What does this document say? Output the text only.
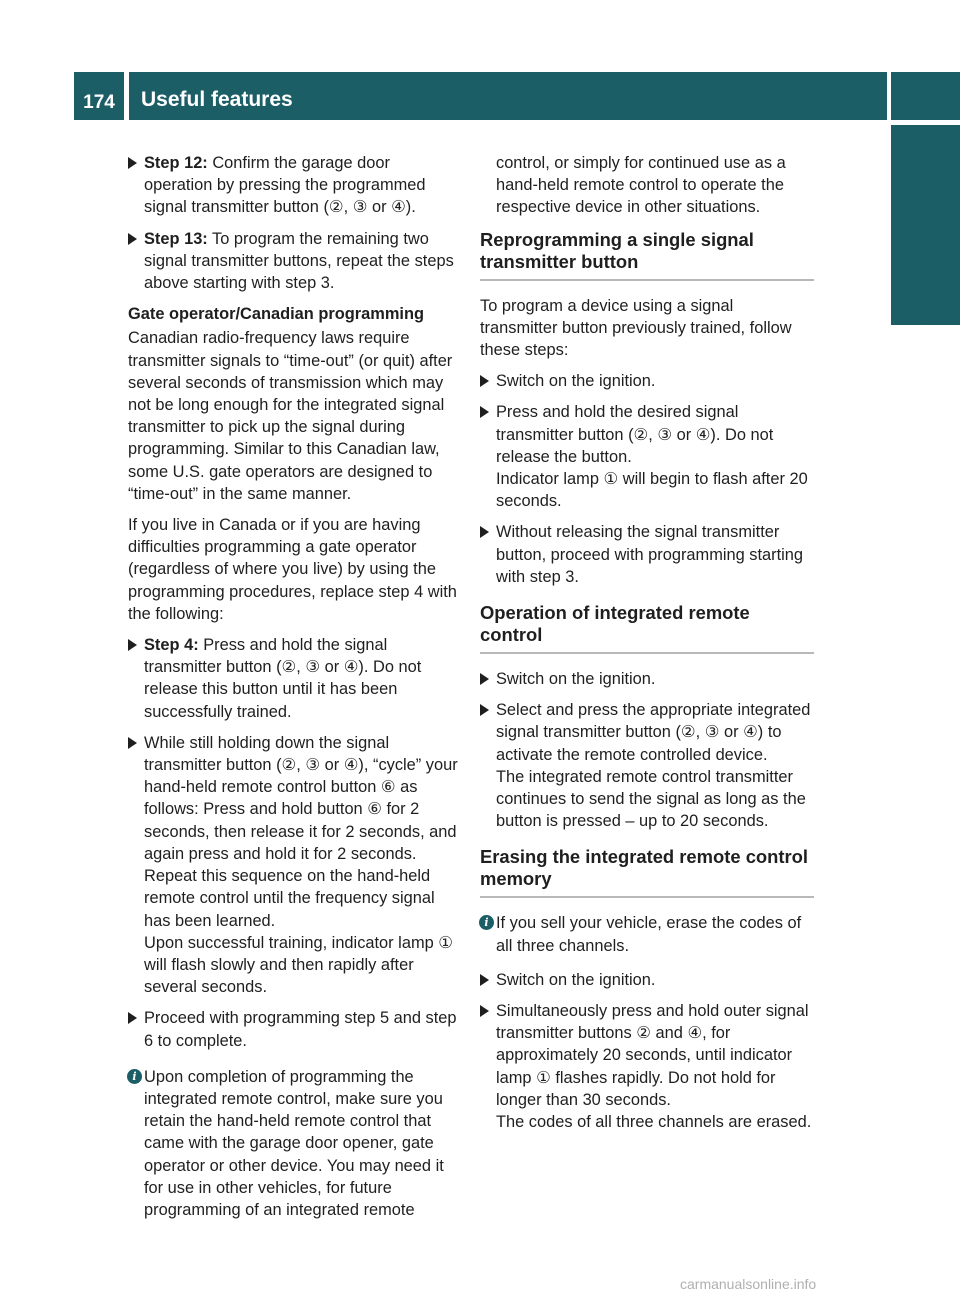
174 Useful features
Controls in detail
Step 12: Confirm the garage door operation by pressing the programmed signal transmitter button (②, ③ or ④).
Step 13: To program the remaining two signal transmitter buttons, repeat the steps above starting with step 3.
Gate operator/Canadian programming

Canadian radio-frequency laws require transmitter signals to “time-out” (or quit) after several seconds of transmission which may not be long enough for the integrated signal transmitter to pick up the signal during programming. Similar to this Canadian law, some U.S. gate operators are designed to “time-out” in the same manner.

If you live in Canada or if you are having difficulties programming a gate operator (regardless of where you live) by using the programming procedures, replace step 4 with the following:

Step 4: Press and hold the signal transmitter button (②, ③ or ④). Do not release this button until it has been successfully trained.
While still holding down the signal transmitter button (②, ③ or ④), “cycle” your hand-held remote control button ⑥ as follows: Press and hold button ⑥ for 2 seconds, then release it for 2 seconds, and again press and hold it for 2 seconds. Repeat this sequence on the hand-held remote control until the frequency signal has been learned.
Upon successful training, indicator lamp ① will flash slowly and then rapidly after several seconds.
Proceed with programming step 5 and step 6 to complete.
i Upon completion of programming the integrated remote control, make sure you retain the hand-held remote control that came with the garage door opener, gate operator or other device. You may need it for use in other vehicles, for future programming of an integrated remote
control, or simply for continued use as a hand-held remote control to operate the respective device in other situations.
Reprogramming a single signal transmitter button

To program a device using a signal transmitter button previously trained, follow these steps:

Switch on the ignition.
Press and hold the desired signal transmitter button (②, ③ or ④). Do not release the button.
Indicator lamp ① will begin to flash after 20 seconds.
Without releasing the signal transmitter button, proceed with programming starting with step 3.
Operation of integrated remote control
Switch on the ignition.
Select and press the appropriate integrated signal transmitter button (②, ③ or ④) to activate the remote controlled device.
The integrated remote control transmitter continues to send the signal as long as the button is pressed – up to 20 seconds.
Erasing the integrated remote control memory
i If you sell your vehicle, erase the codes of all three channels.
Switch on the ignition.
Simultaneously press and hold outer signal transmitter buttons ② and ④, for approximately 20 seconds, until indicator lamp ① flashes rapidly. Do not hold for longer than 30 seconds.
The codes of all three channels are erased.
carmanualsonline.info
